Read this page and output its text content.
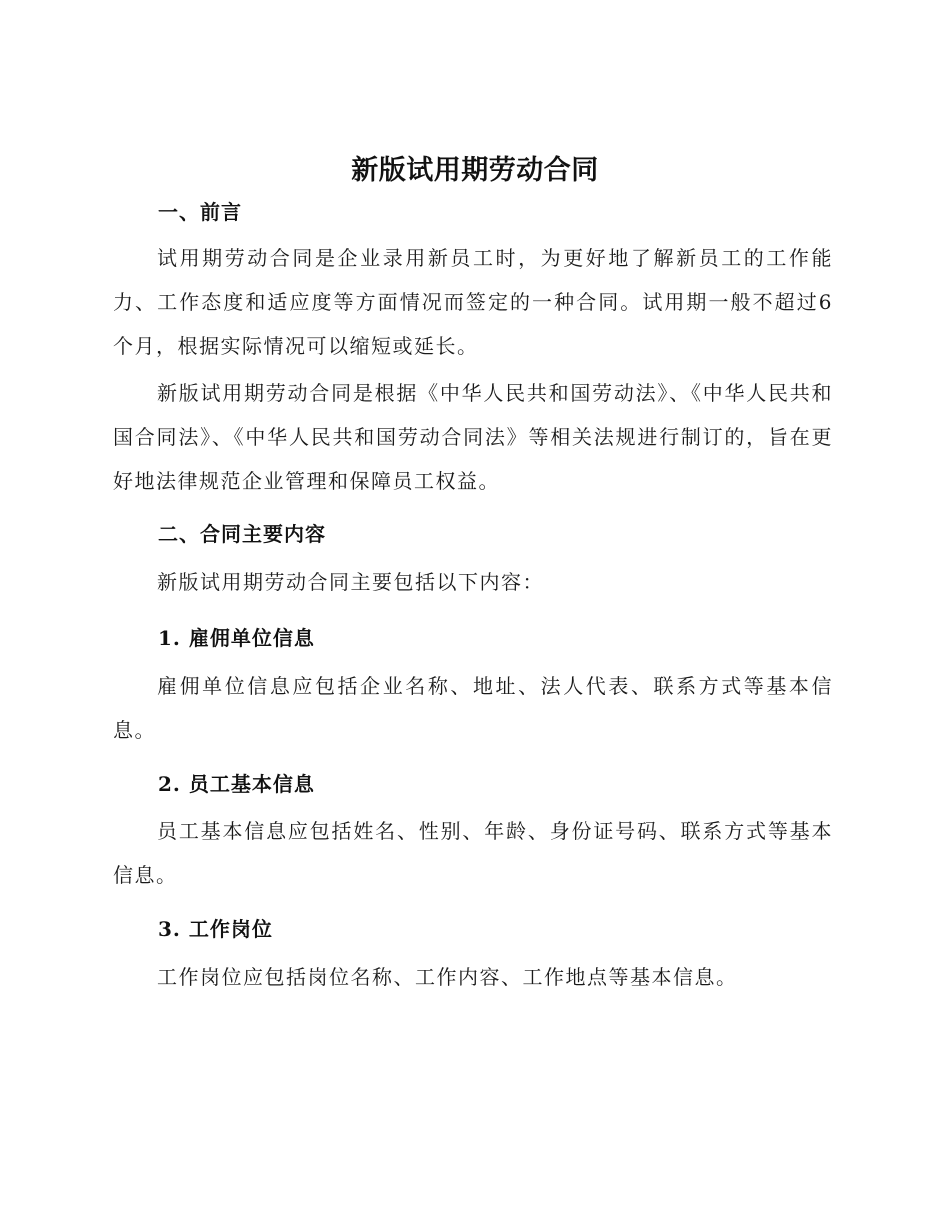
新版试用期劳动合同
一、前言

试用期劳动合同是企业录用新员工时，为更好地了解新员工的工作能力、工作态度和适应度等方面情况而签定的一种合同。试用期一般不超过6个月，根据实际情况可以缩短或延长。

新版试用期劳动合同是根据《中华人民共和国劳动法》、《中华人民共和国合同法》、《中华人民共和国劳动合同法》等相关法规进行制订的，旨在更好地法律规范企业管理和保障员工权益。

二、合同主要内容

新版试用期劳动合同主要包括以下内容：

1. 雇佣单位信息

雇佣单位信息应包括企业名称、地址、法人代表、联系方式等基本信息。

2. 员工基本信息

员工基本信息应包括姓名、性别、年龄、身份证号码、联系方式等基本信息。

3. 工作岗位

工作岗位应包括岗位名称、工作内容、工作地点等基本信息。
